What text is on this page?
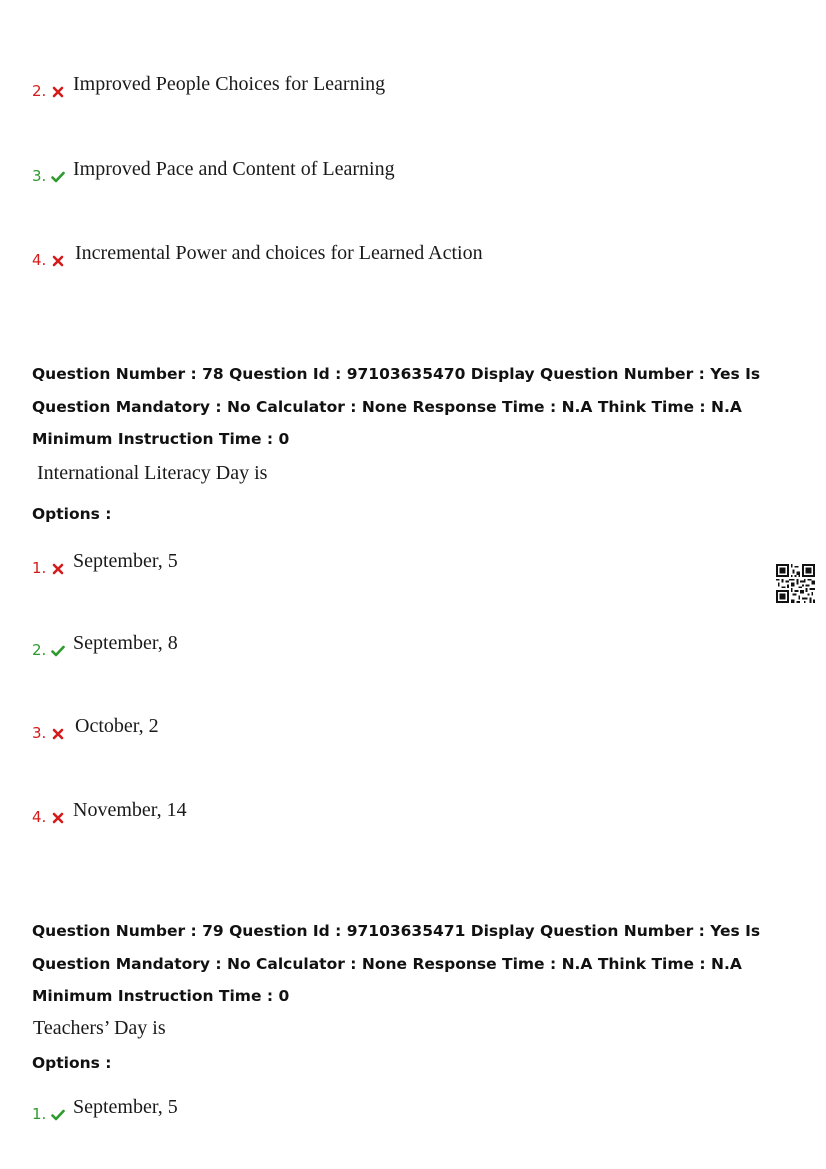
2. Improved People Choices for Learning
3. Improved Pace and Content of Learning
4. Incremental Power and choices for Learned Action
Question Number : 78 Question Id : 97103635470 Display Question Number : Yes Is Question Mandatory : No Calculator : None Response Time : N.A Think Time : N.A Minimum Instruction Time : 0
International Literacy Day is
Options :
1. September, 5
2. September, 8
3. October, 2
4. November, 14
Question Number : 79 Question Id : 97103635471 Display Question Number : Yes Is Question Mandatory : No Calculator : None Response Time : N.A Think Time : N.A Minimum Instruction Time : 0
Teachers’ Day is
Options :
1. September, 5
